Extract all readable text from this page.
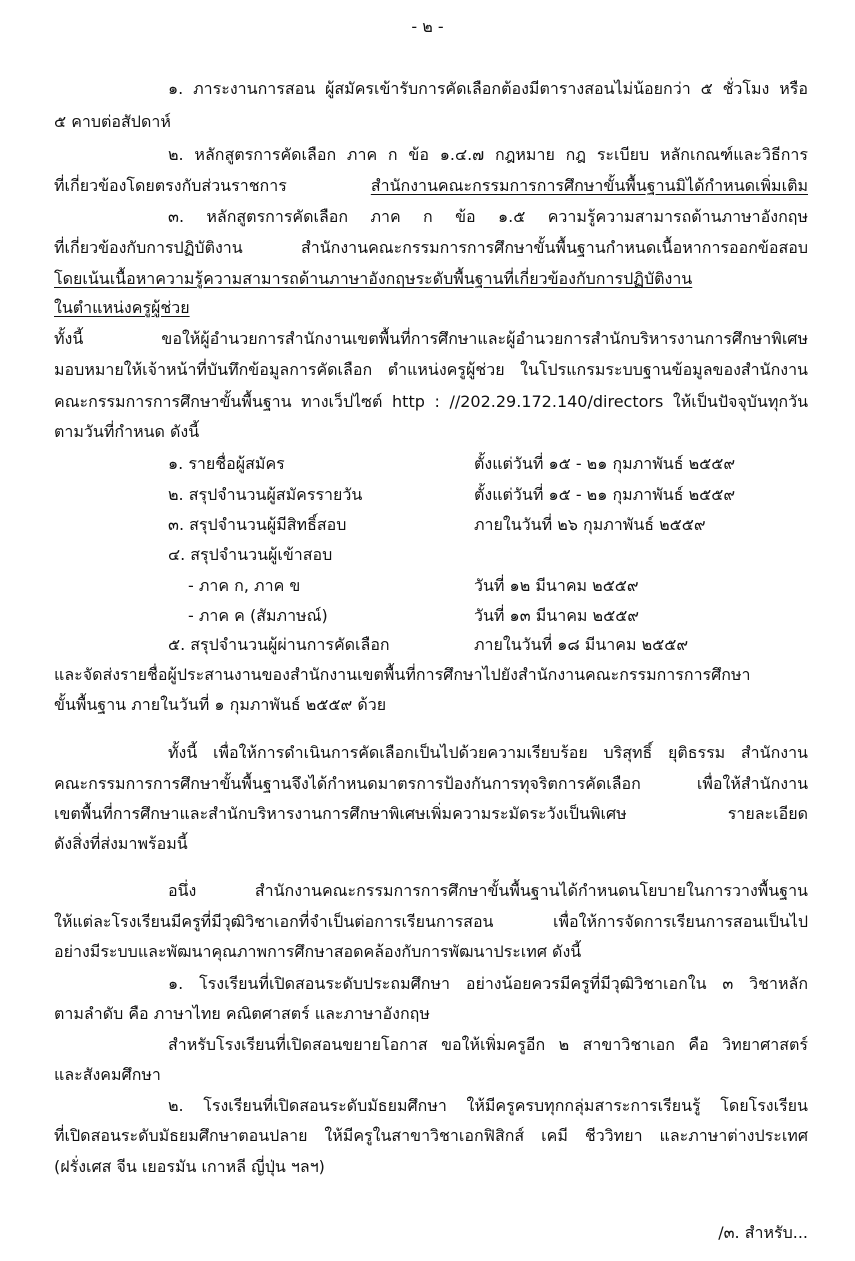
- ๒ -
๑. ภาระงานการสอน ผู้สมัครเข้ารับการคัดเลือกต้องมีตารางสอนไม่น้อยกว่า ๕ ชั่วโมง หรือ
๕ คาบต่อสัปดาห์
๒. หลักสูตรการคัดเลือก ภาค ก ข้อ ๑.๔.๗ กฎหมาย กฎ ระเบียบ หลักเกณฑ์และวิธีการ
ที่เกี่ยวข้องโดยตรงกับส่วนราชการ	สำนักงานคณะกรรมการการศึกษาขั้นพื้นฐานมิได้กำหนดเพิ่มเติม
๓. หลักสูตรการคัดเลือก ภาค ก ข้อ ๑.๕ ความรู้ความสามารถด้านภาษาอังกฤษ
ที่เกี่ยวข้องกับการปฏิบัติงาน สำนักงานคณะกรรมการการศึกษาขั้นพื้นฐานกำหนดเนื้อหาการออกข้อสอบ
โดยเน้นเนื้อหาความรู้ความสามารถด้านภาษาอังกฤษระดับพื้นฐานที่เกี่ยวข้องกับการปฏิบัติงาน
ในตำแหน่งครูผู้ช่วย
ทั้งนี้ ขอให้ผู้อำนวยการสำนักงานเขตพื้นที่การศึกษาและผู้อำนวยการสำนักบริหารงานการศึกษาพิเศษ
มอบหมายให้เจ้าหน้าที่บันทึกข้อมูลการคัดเลือก ตำแหน่งครูผู้ช่วย ในโปรแกรมระบบฐานข้อมูลของสำนักงาน
คณะกรรมการการศึกษาขั้นพื้นฐาน ทางเว็ปไซต์ http : //202.29.172.140/directors ให้เป็นปัจจุบันทุกวัน
ตามวันที่กำหนด ดังนี้
๑. รายชื่อผู้สมัคร	ตั้งแต่วันที่ ๑๕ - ๒๑ กุมภาพันธ์ ๒๕๕๙
๒. สรุปจำนวนผู้สมัครรายวัน	ตั้งแต่วันที่ ๑๕ - ๒๑ กุมภาพันธ์ ๒๕๕๙
๓. สรุปจำนวนผู้มีสิทธิ์สอบ	ภายในวันที่ ๒๖ กุมภาพันธ์ ๒๕๕๙
๔. สรุปจำนวนผู้เข้าสอบ
- ภาค ก, ภาค ข	วันที่ ๑๒ มีนาคม ๒๕๕๙
- ภาค ค (สัมภาษณ์)	วันที่ ๑๓ มีนาคม ๒๕๕๙
๕. สรุปจำนวนผู้ผ่านการคัดเลือก	ภายในวันที่ ๑๘ มีนาคม ๒๕๕๙
และจัดส่งรายชื่อผู้ประสานงานของสำนักงานเขตพื้นที่การศึกษาไปยังสำนักงานคณะกรรมการการศึกษา
ขั้นพื้นฐาน ภายในวันที่ ๑ กุมภาพันธ์ ๒๕๕๙ ด้วย
ทั้งนี้ เพื่อให้การดำเนินการคัดเลือกเป็นไปด้วยความเรียบร้อย บริสุทธิ์ ยุติธรรม สำนักงาน
คณะกรรมการการศึกษาขั้นพื้นฐานจึงได้กำหนดมาตรการป้องกันการทุจริตการคัดเลือก เพื่อให้สำนักงาน
เขตพื้นที่การศึกษาและสำนักบริหารงานการศึกษาพิเศษเพิ่มความระมัดระวังเป็นพิเศษ รายละเอียด
ดังสิ่งที่ส่งมาพร้อมนี้
อนึ่ง สำนักงานคณะกรรมการการศึกษาขั้นพื้นฐานได้กำหนดนโยบายในการวางพื้นฐาน
ให้แต่ละโรงเรียนมีครูที่มีวุฒิวิชาเอกที่จำเป็นต่อการเรียนการสอน เพื่อให้การจัดการเรียนการสอนเป็นไป
อย่างมีระบบและพัฒนาคุณภาพการศึกษาสอดคล้องกับการพัฒนาประเทศ ดังนี้
๑. โรงเรียนที่เปิดสอนระดับประถมศึกษา อย่างน้อยควรมีครูที่มีวุฒิวิชาเอกใน ๓ วิชาหลัก
ตามลำดับ คือ ภาษาไทย คณิตศาสตร์ และภาษาอังกฤษ
สำหรับโรงเรียนที่เปิดสอนขยายโอกาส ขอให้เพิ่มครูอีก ๒ สาขาวิชาเอก คือ วิทยาศาสตร์
และสังคมศึกษา
๒. โรงเรียนที่เปิดสอนระดับมัธยมศึกษา ให้มีครูครบทุกกลุ่มสาระการเรียนรู้ โดยโรงเรียน
ที่เปิดสอนระดับมัธยมศึกษาตอนปลาย ให้มีครูในสาขาวิชาเอกฟิสิกส์ เคมี ชีววิทยา และภาษาต่างประเทศ
(ฝรั่งเศส จีน เยอรมัน เกาหลี ญี่ปุ่น ฯลฯ)
/๓. สำหรับ...
